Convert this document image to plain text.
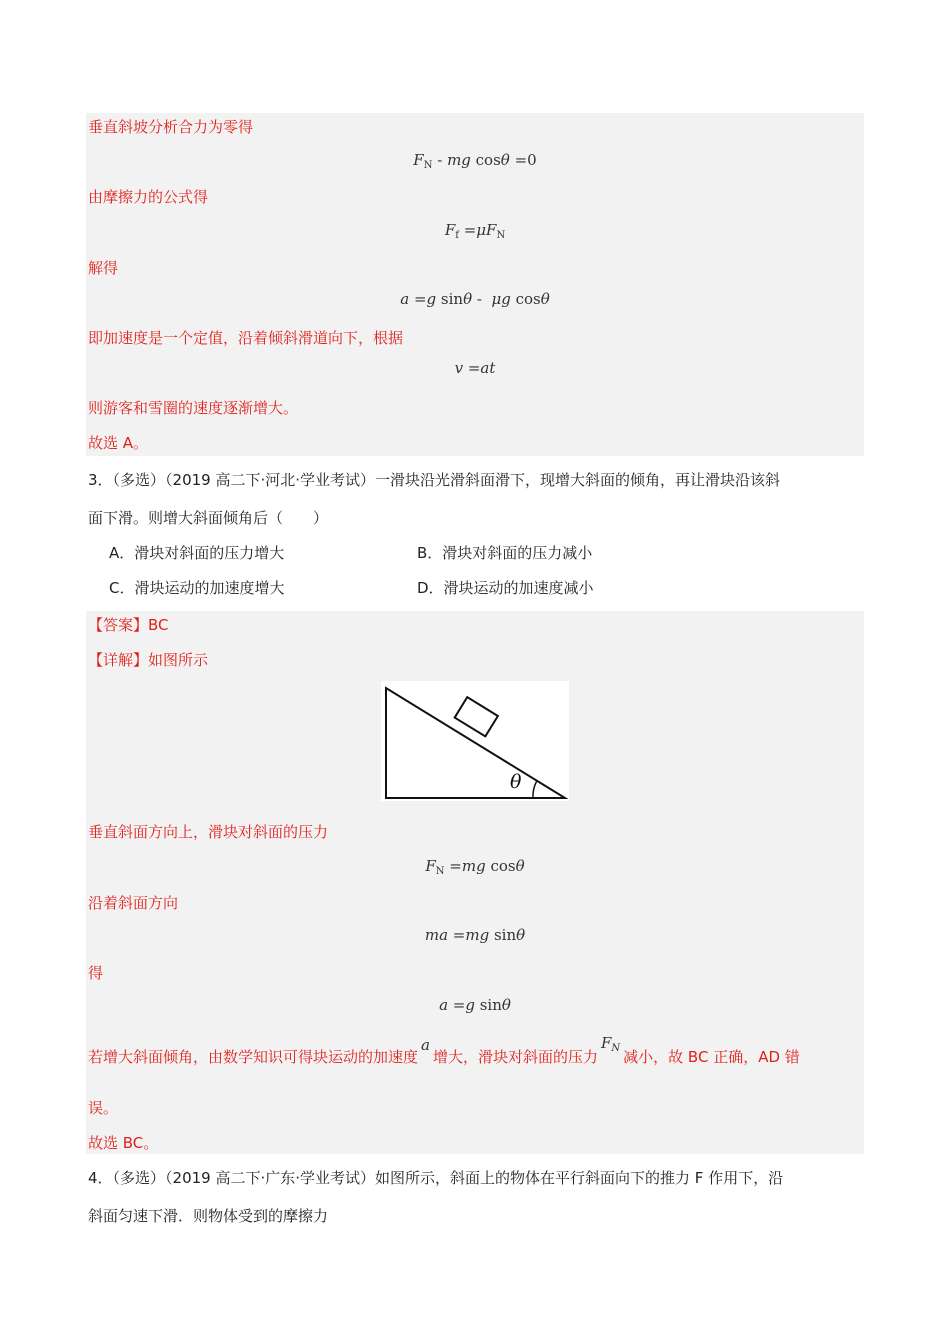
垂直斜坡分析合力为零得
$F_N$ - mg cosθ =0
由摩擦力的公式得
$F_f =\mu F_N$
解得
a =g sinθ -  μg cosθ
即加速度是一个定值，沿着倾斜滑道向下，根据
v =at
则游客和雪圈的速度逐渐增大。
故选 A。
3．（多选）（2019 高二下·河北·学业考试）一滑块沿光滑斜面滑下，现增大斜面的倾角，再让滑块沿该斜
面下滑。则增大斜面倾角后（　　）
A．滑块对斜面的压力增大	B．滑块对斜面的压力减小
C．滑块运动的加速度增大	D．滑块运动的加速度减小
【答案】BC
【详解】如图所示
θ
垂直斜面方向上，滑块对斜面的压力
$F_N =mg$ cosθ
沿着斜面方向
ma =mg sinθ
得
a =g sinθ
若增大斜面倾角，由数学知识可得块运动的加速度a增大，滑块对斜面的压力$F_N$ 减小，故 BC 正确，AD 错
误。
故选 BC。
4．（多选）（2019 高二下·广东·学业考试）如图所示，斜面上的物体在平行斜面向下的推力 F 作用下，沿
斜面匀速下滑．则物体受到的摩擦力
